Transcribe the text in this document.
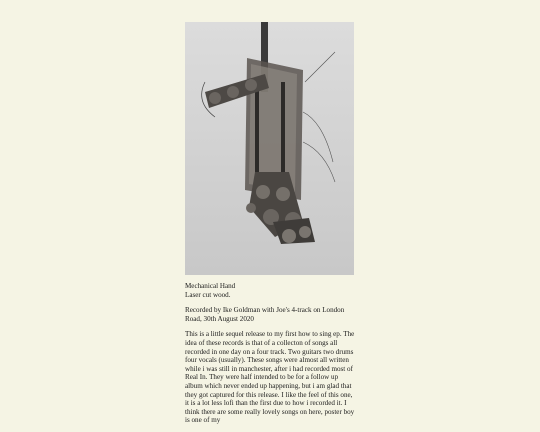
Mechanical Hand
Laser cut wood.

Recorded by Ike Goldman with Joe's 4-track on London Road, 30th August 2020

This is a little sequel release to my first how to sing ep. The idea of these records is that of a collecton of songs all recorded in one day on a four track. Two guitars two drums four vocals (usually). These songs were almost all written while i was still in manchester, after i had recorded most of Real In. They were half intended to be for a follow up album which never ended up happening, but i am glad that they got captured for this release. I like the feel of this one, it is a lot less lofi than the first due to how i recorded it. I think there are some really lovely songs on here, poster boy is one of my
